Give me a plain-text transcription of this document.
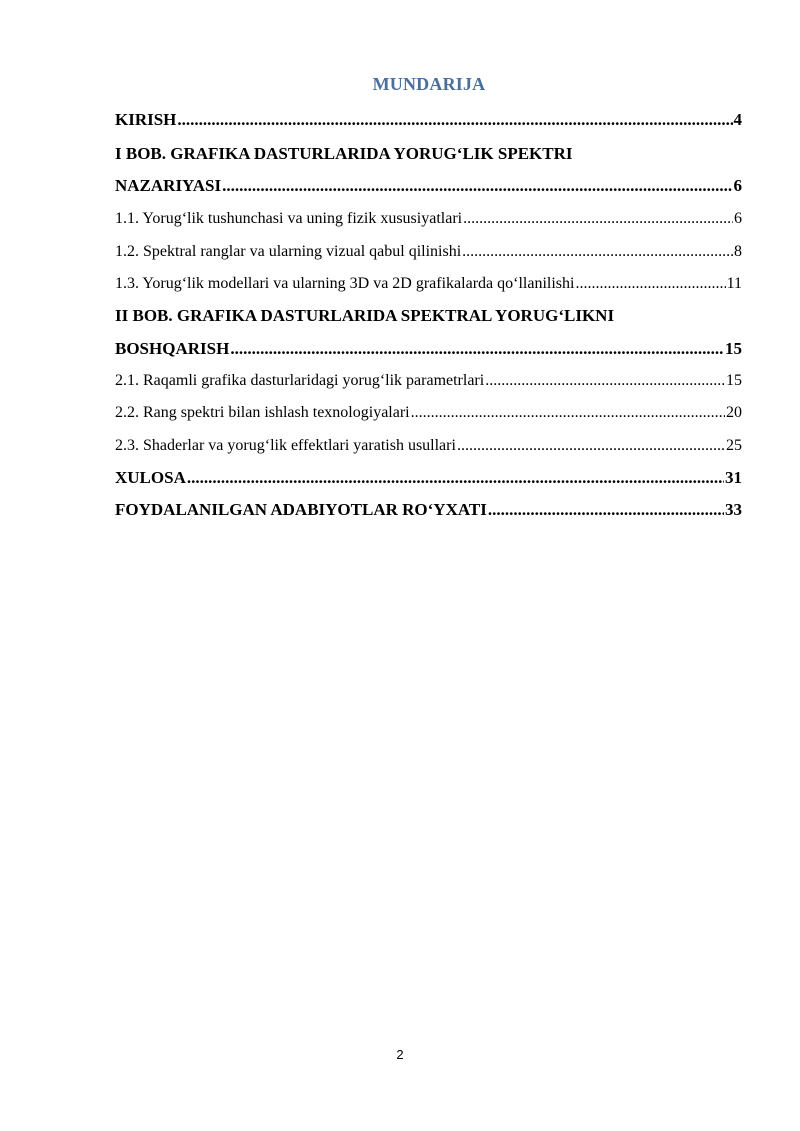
MUNDARIJA
KIRISH .....	4
I BOB. GRAFIKA DASTURLARIDA YORUG‘LIK SPEKTRI
NAZARIYASI .....	6
1.1. Yorug‘lik tushunchasi va uning fizik xususiyatlari .....	6
1.2. Spektral ranglar va ularning vizual qabul qilinishi .....	8
1.3. Yorug‘lik modellari va ularning 3D va 2D grafikalarda qo‘llanilishi .....	11
II BOB. GRAFIKA DASTURLARIDA SPEKTRAL YORUG‘LIKNI
BOSHQARISH .....	15
2.1. Raqamli grafika dasturlaridagi yorug‘lik parametrlari .....	15
2.2. Rang spektri bilan ishlash texnologiyalari .....	20
2.3. Shaderlar va yorug‘lik effektlari yaratish usullari .....	25
XULOSA .....	31
FOYDALANILGAN ADABIYOTLAR RO‘YXATI .....	33
2
